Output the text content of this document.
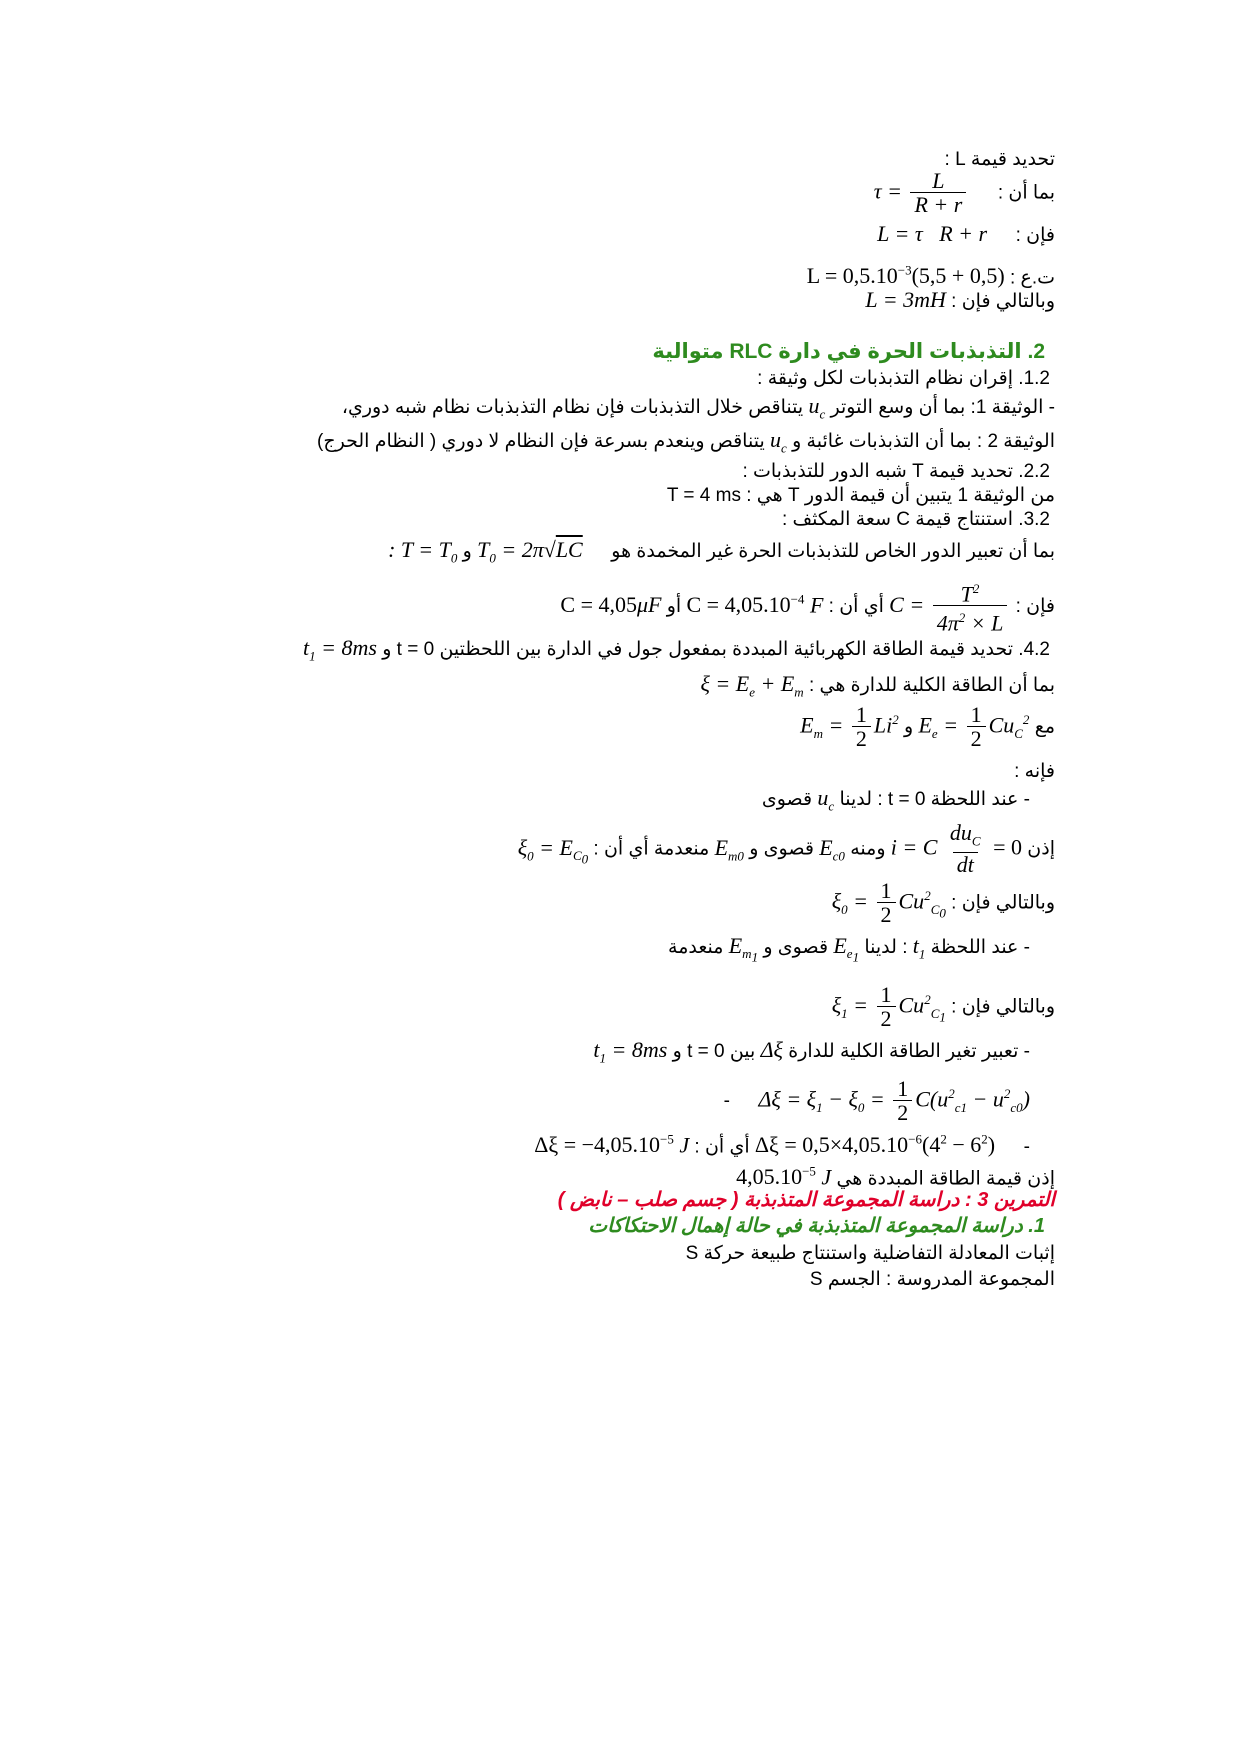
تحديد قيمة L :
بما أن :  $\tau = \frac{L}{R + r}$
فإن :  L = τ   R + r
ت.ع : $L = 0,5.10^{-3}(5,5 + 0,5)$
وبالتالي فإن : L = 3mH
2. التذبذبات الحرة في دارة RLC متوالية
1.2. إقران نظام التذبذبات لكل وثيقة :
- الوثيقة 1: بما أن وسع التوتر $u_c$ يتناقص خلال التذبذبات فإن نظام التذبذبات نظام شبه دوري،
الوثيقة 2 : بما أن التذبذبات غائبة و $u_c$ يتناقص وينعدم بسرعة فإن النظام لا دوري ( النظام الحرج)
2.2. تحديد قيمة T شبه الدور للتذبذبات :
من الوثيقة 1 يتبين أن قيمة الدور T هي : T = 4 ms
3.2. استنتاج قيمة C سعة المكثف :
بما أن تعبير الدور الخاص للتذبذبات الحرة غير المخمدة هو  $T_0 = 2\pi√LC$ و : $T = T_0$
فإن : $C = \frac{T^2}{4\pi^2 \times L}$
أي أن : $C = 4,05.10^{-4}$ F أو C = 4,05μF
4.2. تحديد قيمة الطاقة الكهربائية المبددة بمفعول جول في الدارة بين اللحظتين t = 0 و $t_1 = 8ms$
بما أن الطاقة الكلية للدارة هي : $\xi = E_e + E_m$
مع $E_e = \frac{1}{2} Cu_C^2$ و $E_m = \frac{1}{2} Li^2$
فإنه :
- عند اللحظة t = 0 : لدينا $u_c$ قصوى
إذن i = C $\frac{du_C}{dt} = 0$ ومنه $E_{c0}$ قصوى و $E_{m0}$ منعدمة أي أن : $\xi_0 = E_{C_0}$
وبالتالي فإن : $\xi_0 = \frac{1}{2} Cu^2_{C_0}$
- عند اللحظة $t_1$ : لدينا $E_{e_1}$ قصوى و $E_{m_1}$ منعدمة
وبالتالي فإن : $\xi_1 = \frac{1}{2} Cu^2_{C_1}$
- تعبير تغير الطاقة الكلية للدارة Δξ بين t = 0 و $t_1 = 8ms$
- $\Delta\xi = \xi_1 - \xi_0 = \frac{1}{2} C(u^2_{c1} - u^2_{c0})$
-  $\Delta\xi = 0,5\times 4,05.10^{-6}(4^2 - 6^2)$ أي أن : $\Delta\xi = -4,05.10^{-5}$ J
إذن قيمة الطاقة المبددة هي $4,05.10^{-5}$ J
التمرين 3 : دراسة المجموعة المتذبذبة ( جسم صلب – نابض )
1. دراسة المجموعة المتذبذبة في حالة إهمال الاحتكاكات
إثبات المعادلة التفاضلية واستنتاج طبيعة حركة S
المجموعة المدروسة : الجسم S
